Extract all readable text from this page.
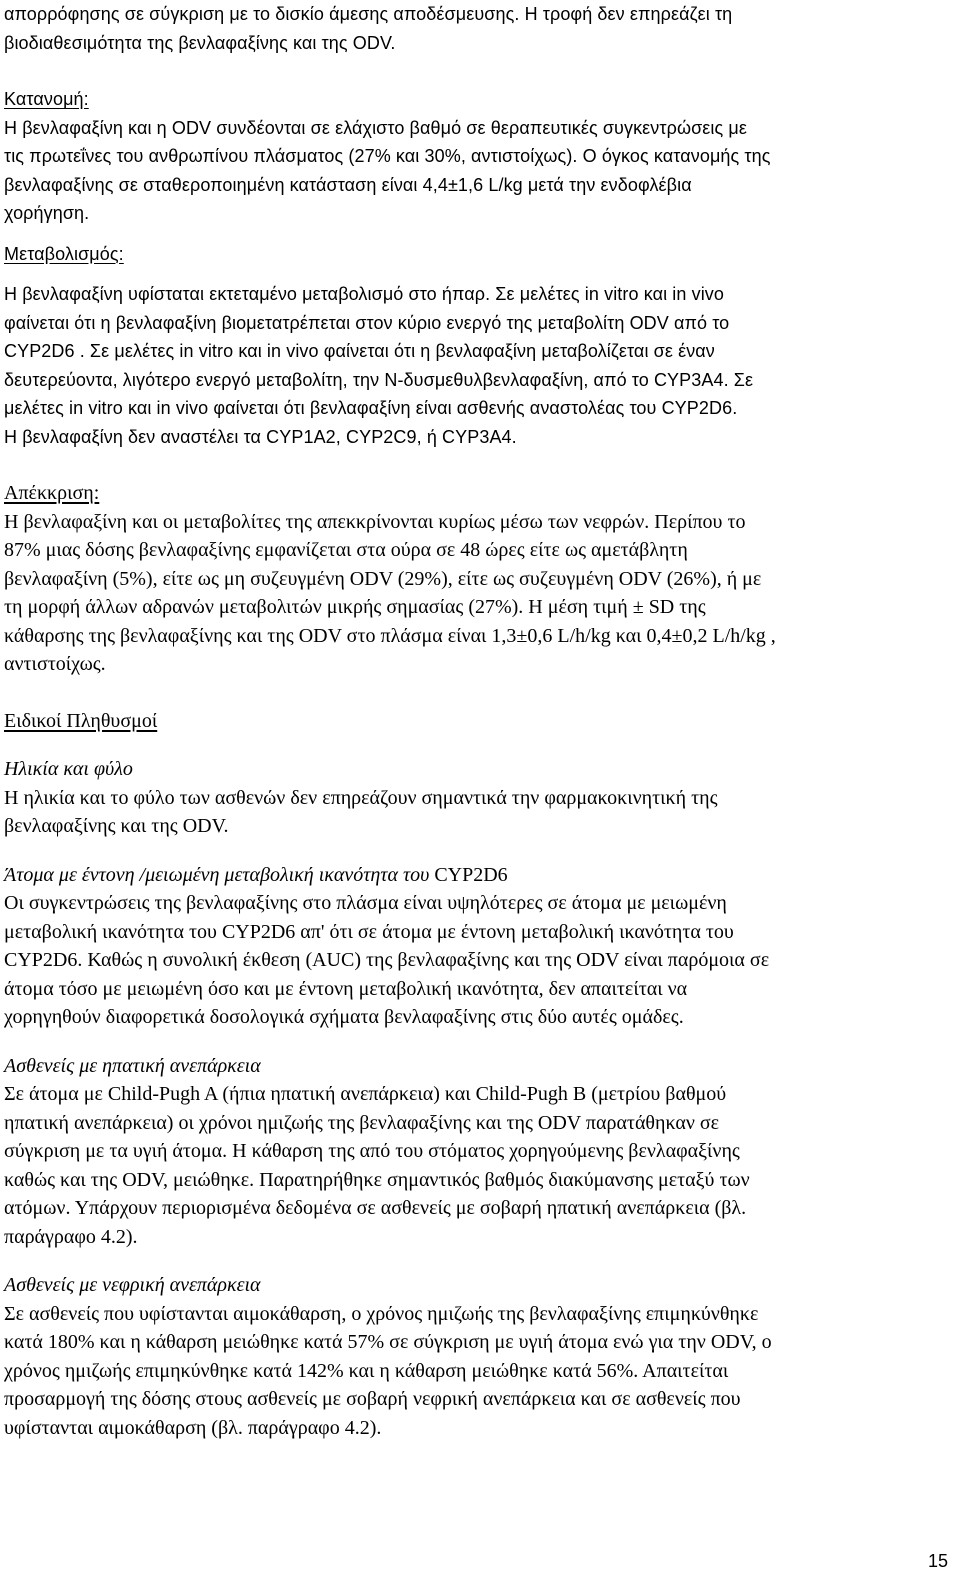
απορρόφησης σε σύγκριση με το δισκίο άμεσης αποδέσμευσης. Η τροφή δεν επηρεάζει τη
βιοδιαθεσιμότητα της βενλαφαξίνης και της ODV.
Κατανομή:
Η βενλαφαξίνη και η ODV συνδέονται σε ελάχιστο βαθμό σε θεραπευτικές συγκεντρώσεις με
τις πρωτεΐνες του ανθρωπίνου πλάσματος (27% και 30%, αντιστοίχως). Ο όγκος κατανομής της
βενλαφαξίνης σε σταθεροποιημένη κατάσταση είναι 4,4±1,6 L/kg μετά την ενδοφλέβια
χορήγηση.
Μεταβολισμός:
Η βενλαφαξίνη υφίσταται εκτεταμένο μεταβολισμό στο ήπαρ. Σε μελέτες in vitro και in vivo
φαίνεται ότι η βενλαφαξίνη βιομετατρέπεται στον κύριο ενεργό της μεταβολίτη ODV από το
CYP2D6 . Σε μελέτες in vitro και in vivo φαίνεται ότι η βενλαφαξίνη μεταβολίζεται σε έναν
δευτερεύοντα, λιγότερο ενεργό μεταβολίτη, την N-δυσμεθυλβενλαφαξίνη, από το CYP3A4. Σε
μελέτες in vitro και in vivo φαίνεται ότι βενλαφαξίνη είναι ασθενής αναστολέας του CYP2D6.
Η βενλαφαξίνη δεν αναστέλει τα CYP1A2, CYP2C9, ή CYP3A4.
Απέκκριση:
Η βενλαφαξίνη και οι μεταβολίτες της απεκκρίνονται κυρίως μέσω των νεφρών. Περίπου το
87% μιας δόσης βενλαφαξίνης εμφανίζεται στα ούρα σε 48 ώρες είτε ως αμετάβλητη
βενλαφαξίνη (5%), είτε ως μη συζευγμένη ODV (29%), είτε ως συζευγμένη ODV (26%), ή με
τη μορφή άλλων αδρανών μεταβολιτών μικρής σημασίας (27%). Η μέση τιμή ± SD της
κάθαρσης της βενλαφαξίνης και της ODV στο πλάσμα είναι 1,3±0,6 L/h/kg και 0,4±0,2 L/h/kg ,
αντιστοίχως.
Ειδικοί Πληθυσμοί
Ηλικία και φύλο
Η ηλικία και το φύλο των ασθενών δεν επηρεάζουν σημαντικά την φαρμακοκινητική της
βενλαφαξίνης και της ODV.
Άτομα με έντονη /μειωμένη μεταβολική ικανότητα του CYP2D6
Οι συγκεντρώσεις της βενλαφαξίνης στο πλάσμα είναι υψηλότερες σε άτομα με μειωμένη
μεταβολική ικανότητα του CYP2D6 απ' ότι σε άτομα με έντονη μεταβολική ικανότητα του
CYP2D6. Καθώς η συνολική έκθεση (AUC) της βενλαφαξίνης και της ODV είναι παρόμοια σε
άτομα τόσο με μειωμένη όσο και με έντονη μεταβολική ικανότητα, δεν απαιτείται να
χορηγηθούν διαφορετικά δοσολογικά σχήματα βενλαφαξίνης στις δύο αυτές ομάδες.
Ασθενείς με ηπατική ανεπάρκεια
Σε άτομα με Child-Pugh A (ήπια ηπατική ανεπάρκεια) και Child-Pugh B (μετρίου βαθμού
ηπατική ανεπάρκεια) οι χρόνοι ημιζωής της βενλαφαξίνης και της ODV παρατάθηκαν σε
σύγκριση με τα υγιή άτομα. Η κάθαρση της από του στόματος χορηγούμενης βενλαφαξίνης
καθώς και της ODV, μειώθηκε. Παρατηρήθηκε σημαντικός βαθμός διακύμανσης μεταξύ των
ατόμων. Υπάρχουν περιορισμένα δεδομένα σε ασθενείς με σοβαρή ηπατική ανεπάρκεια (βλ.
παράγραφο 4.2).
Ασθενείς με νεφρική ανεπάρκεια
Σε ασθενείς που υφίστανται αιμοκάθαρση, ο χρόνος ημιζωής της βενλαφαξίνης επιμηκύνθηκε
κατά 180% και η κάθαρση μειώθηκε κατά 57% σε σύγκριση με υγιή άτομα ενώ για την ODV, ο
χρόνος ημιζωής επιμηκύνθηκε κατά 142% και η κάθαρση μειώθηκε κατά 56%. Απαιτείται
προσαρμογή της δόσης στους ασθενείς με σοβαρή νεφρική ανεπάρκεια και σε ασθενείς που
υφίστανται αιμοκάθαρση (βλ. παράγραφο 4.2).
15
